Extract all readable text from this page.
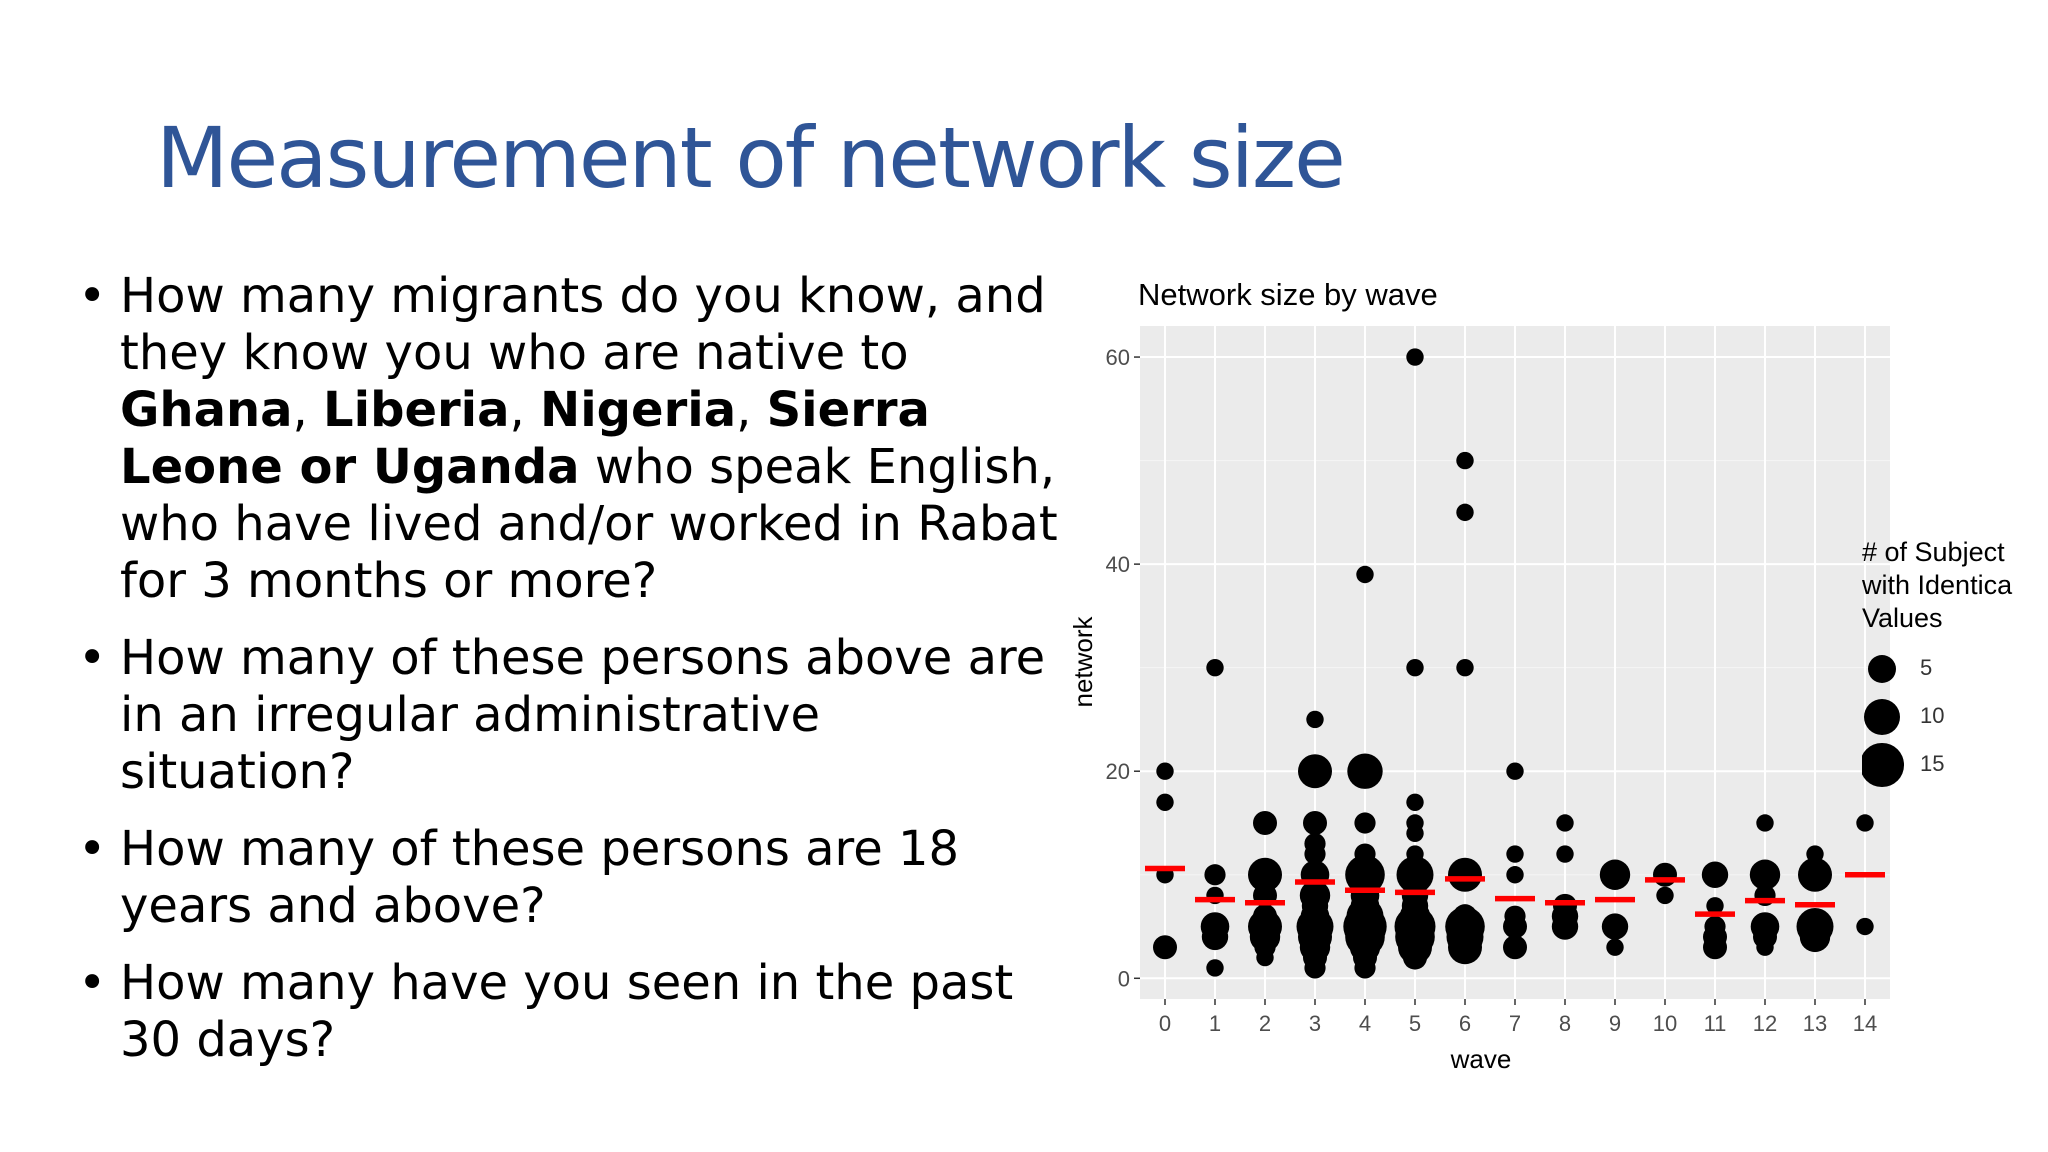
Measurement of network size
• How many migrants do you know, and they know you who are native to Ghana, Liberia, Nigeria, Sierra Leone or Uganda who speak English, who have lived and/or worked in Rabat for 3 months or more?
• How many of these persons above are in an irregular administrative situation?
• How many of these persons are 18 years and above?
• How many have you seen in the past 30 days?
Network size by wave
0
20
40
60
0 1 2 3 4 5 6 7 8 9 10 11 12 13 14
wave
network
# of Subject
with Identica
Values
5
10
15
